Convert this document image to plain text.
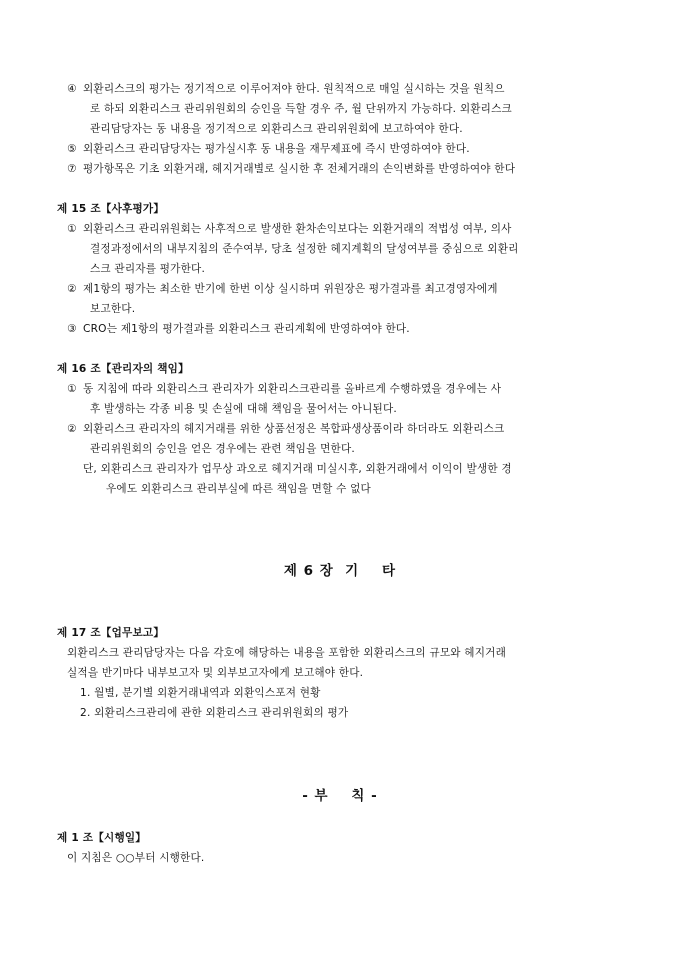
④ 외환리스크의 평가는 정기적으로 이루어져야 한다. 원칙적으로 매일 실시하는 것을 원칙으
로 하되 외환리스크 관리위원회의 승인을 득할 경우 주, 월 단위까지 가능하다. 외환리스크
관리담당자는 동 내용을 정기적으로 외환리스크 관리위원회에 보고하여야 한다.
⑤ 외환리스크 관리담당자는 평가실시후 동 내용을 재무제표에 즉시 반영하여야 한다.
⑦ 평가항목은 기초 외환거래, 헤지거래별로 실시한 후 전체거래의 손익변화를 반영하여야 한다
제 15 조【사후평가】
① 외환리스크 관리위원회는 사후적으로 발생한 환차손익보다는 외환거래의 적법성 여부, 의사
결정과정에서의 내부지침의 준수여부, 당초 설정한 헤지계획의 달성여부를 중심으로 외환리
스크 관리자를 평가한다.
② 제1항의 평가는 최소한 반기에 한번 이상 실시하며 위원장은 평가결과를 최고경영자에게
보고한다.
③ CRO는 제1항의 평가결과를 외환리스크 관리계획에 반영하여야 한다.
제 16 조【관리자의 책임】
① 동 지침에 따라 외환리스크 관리자가 외환리스크관리를 올바르게 수행하였을 경우에는 사
후 발생하는 각종 비용 및 손실에 대해 책임을 물어서는 아니된다.
② 외환리스크 관리자의 헤지거래를 위한 상품선정은 복합파생상품이라 하더라도 외환리스크
관리위원회의 승인을 얻은 경우에는 관련 책임을 면한다.
단, 외환리스크 관리자가 업무상 과오로 헤지거래 미실시후, 외환거래에서 이익이 발생한 경
우에도 외환리스크 관리부실에 따른 책임을 면할 수 없다
제 6 장  기    타
제 17 조【업무보고】
외환리스크 관리담당자는 다음 각호에 해당하는 내용을 포함한 외환리스크의 규모와 헤지거래
실적을 반기마다 내부보고자 및 외부보고자에게 보고해야 한다.
1. 월별, 분기별 외환거래내역과 외환익스포져 현황
2. 외환리스크관리에 관한 외환리스크 관리위원회의 평가
- 부    칙 -
제 1 조【시행일】
이 지침은 ○○부터 시행한다.
